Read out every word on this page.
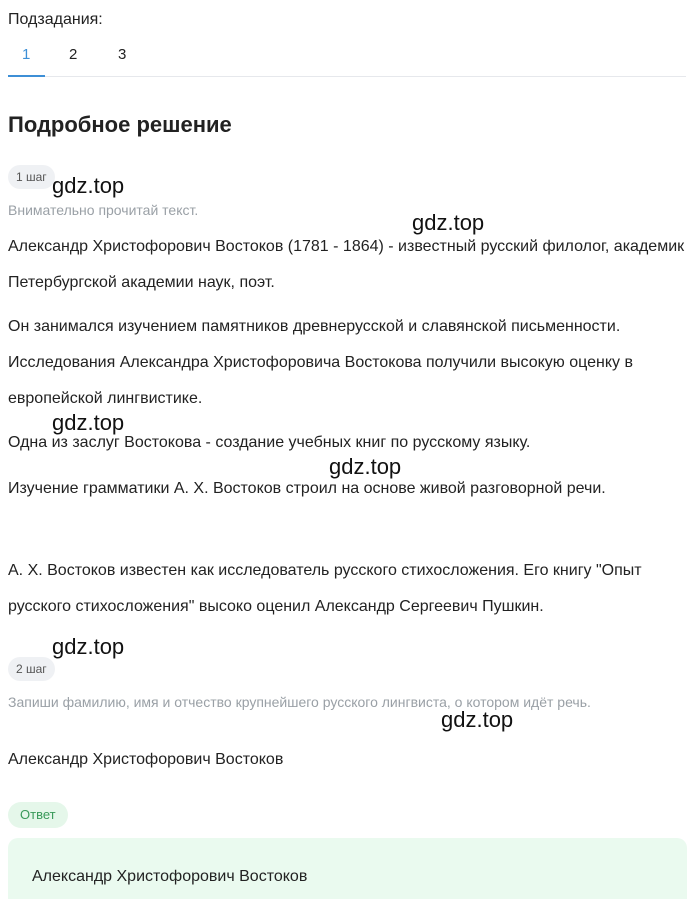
Подзадания:
1	2	3
Подробное решение
1 шаг
Внимательно прочитай текст.
Александр Христофорович Востоков (1781 - 1864) - известный русский филолог, академик Петербургской академии наук, поэт.
Он занимался изучением памятников древнерусской и славянской письменности. Исследования Александра Христофоровича Востокова получили высокую оценку в европейской лингвистике.
Одна из заслуг Востокова - создание учебных книг по русскому языку.
Изучение грамматики А. Х. Востоков строил на основе живой разговорной речи.
А. Х. Востоков известен как исследователь русского стихосложения. Его книгу "Опыт русского стихосложения" высоко оценил Александр Сергеевич Пушкин.
2 шаг
Запиши фамилию, имя и отчество крупнейшего русского лингвиста, о котором идёт речь.
Александр Христофорович Востоков
Ответ
Александр Христофорович Востоков
gdz.top
gdz.top
gdz.top
gdz.top
gdz.top
gdz.top
